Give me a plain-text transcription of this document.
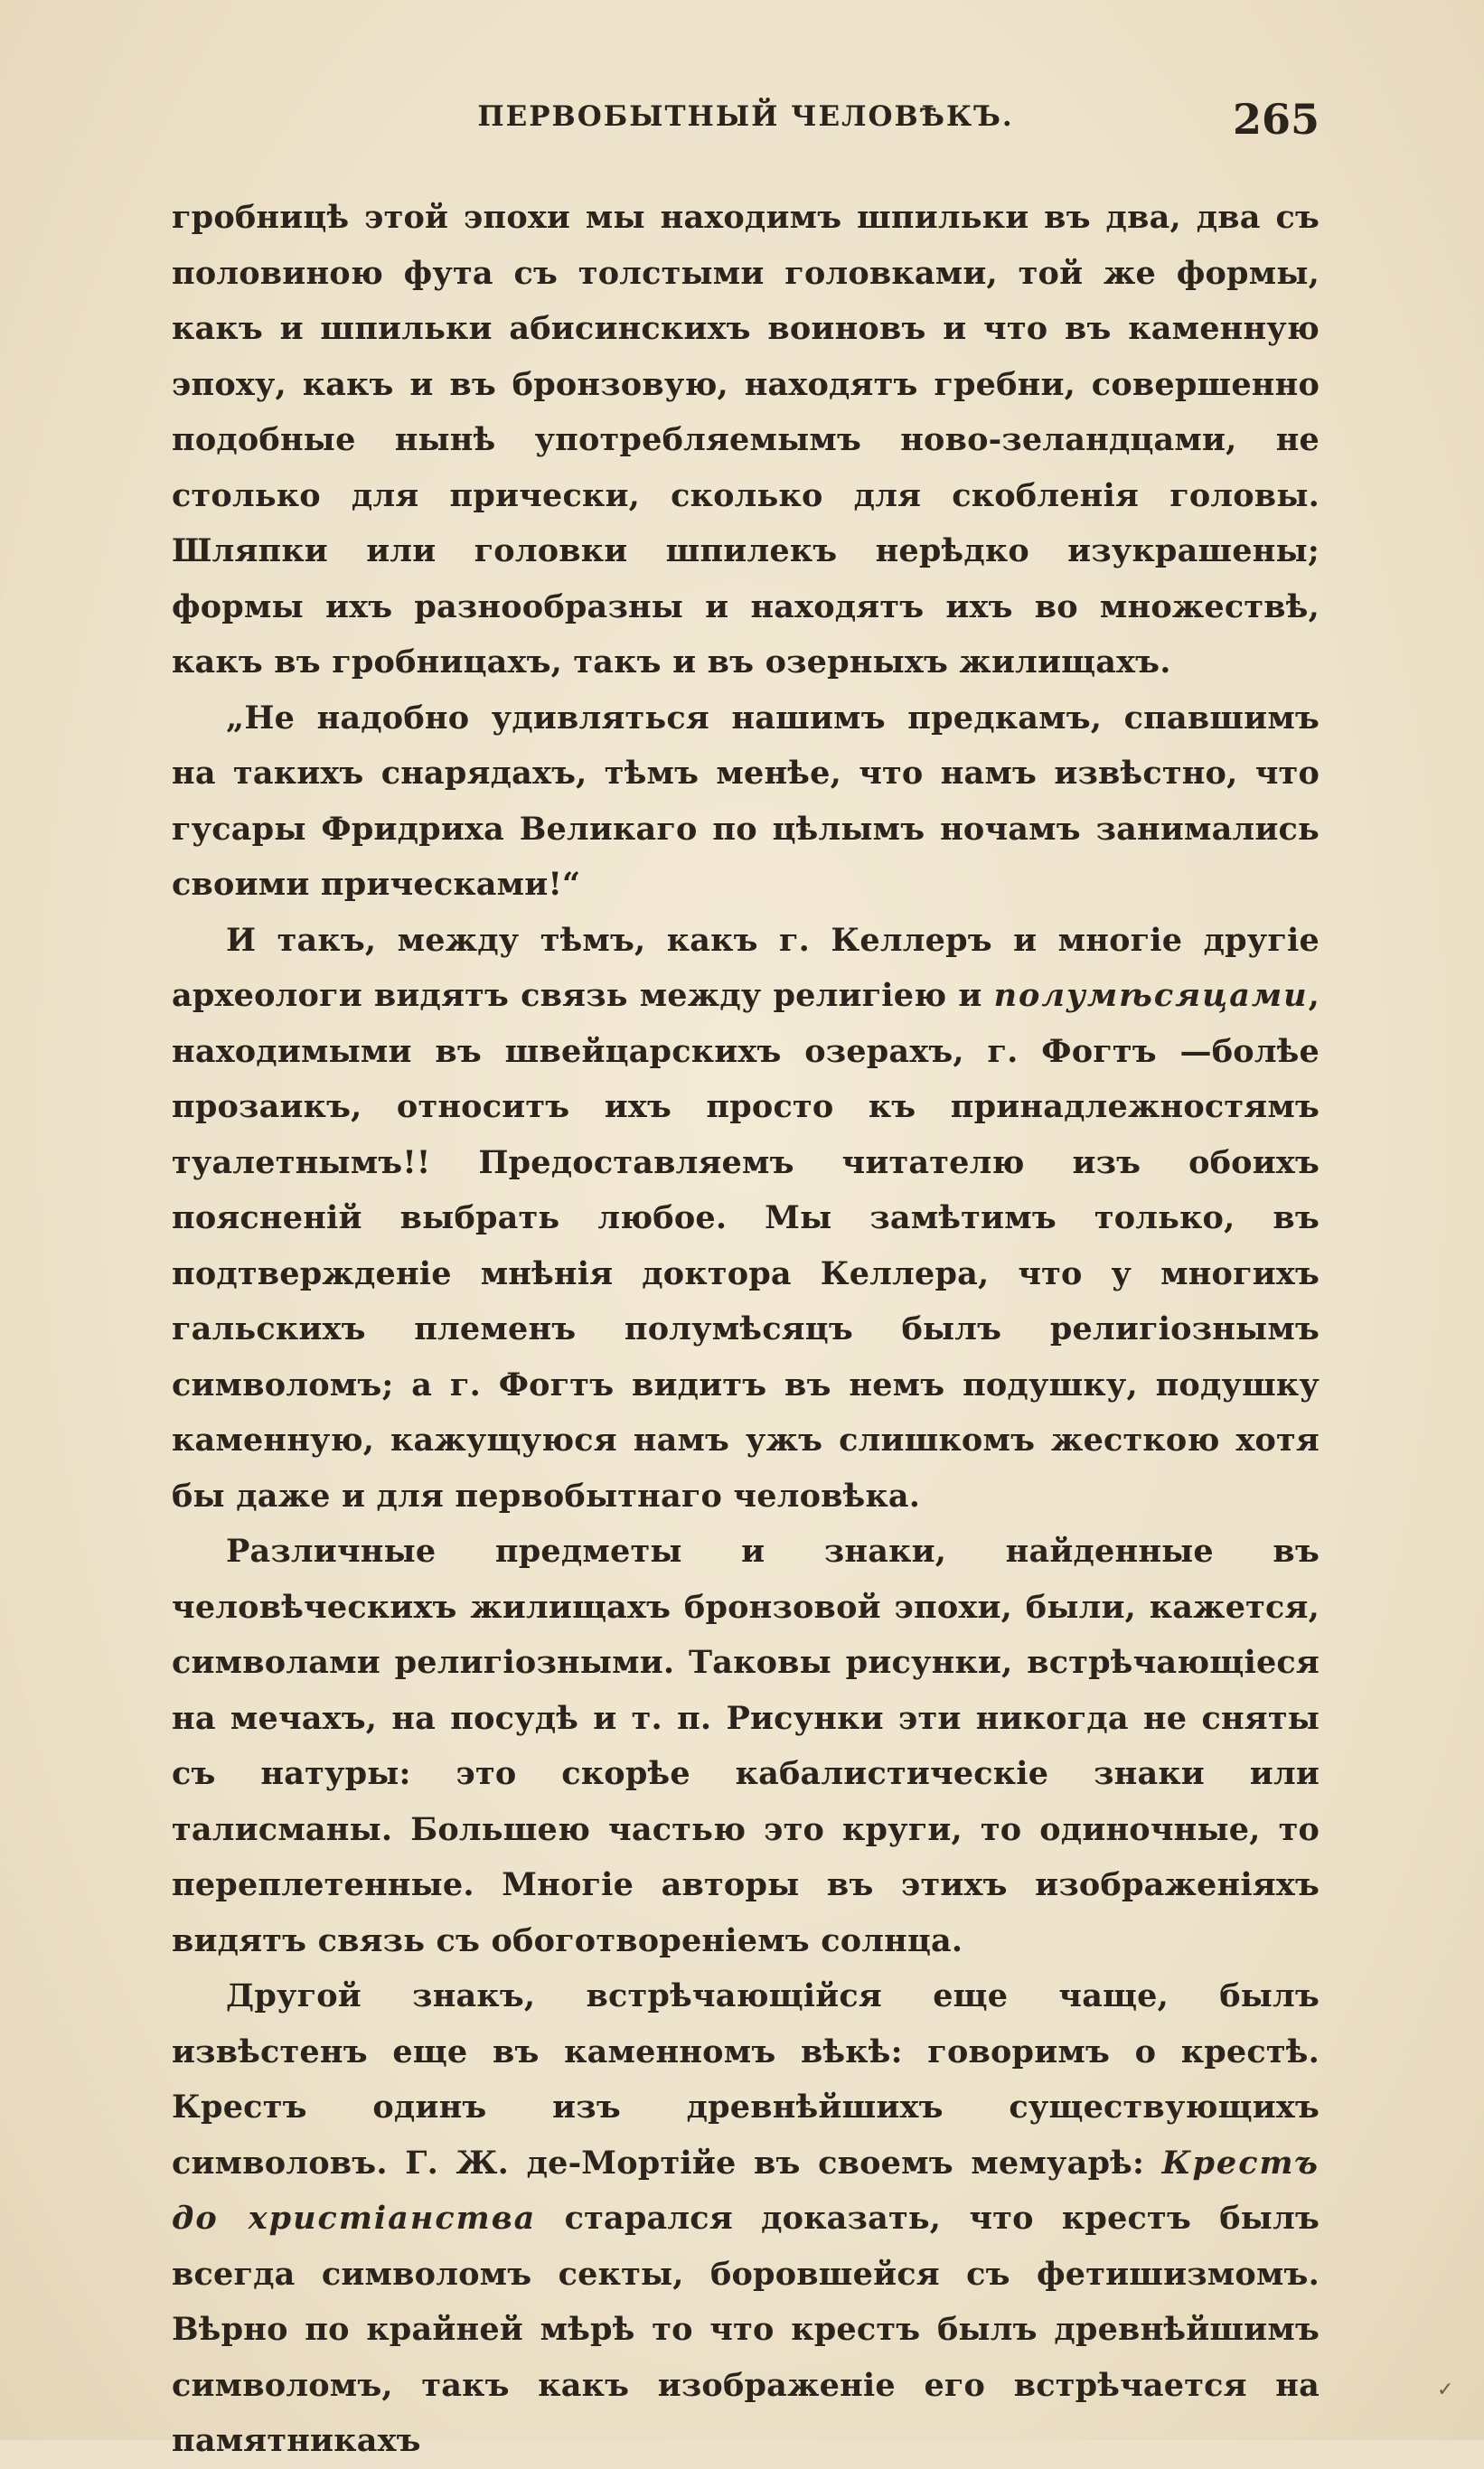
ПЕРВОБЫТНЫЙ ЧЕЛОВѢКЪ.	265

гробницѣ этой эпохи мы находимъ шпильки въ два, два съ половиною фута съ толстыми головками, той же формы, какъ и шпильки абисинскихъ воиновъ и что въ каменную эпоху, какъ и въ бронзовую, находятъ гребни, совершенно подобные нынѣ употребляемымъ ново-зеландцами, не столько для прически, сколько для скобленія головы. Шляпки или головки шпилекъ нерѣдко изукрашены; формы ихъ разнообразны и находятъ ихъ во множествѣ, какъ въ гробницахъ, такъ и въ озерныхъ жилищахъ.

„Не надобно удивляться нашимъ предкамъ, спавшимъ на такихъ снарядахъ, тѣмъ менѣе, что намъ извѣстно, что гусары Фридриха Великаго по цѣлымъ ночамъ занимались своими прическами!“

И такъ, между тѣмъ, какъ г. Келлеръ и многіе другіе археологи видятъ связь между религіею и полумѣсяцами, находимыми въ швейцарскихъ озерахъ, г. Фогтъ —болѣе прозаикъ, относитъ ихъ просто къ принадлежностямъ туалетнымъ!! Предоставляемъ читателю изъ обоихъ поясненій выбрать любое. Мы замѣтимъ только, въ подтвержденіе мнѣнія доктора Келлера, что у многихъ гальскихъ племенъ полумѣсяцъ былъ религіознымъ символомъ; а г. Фогтъ видитъ въ немъ подушку, подушку каменную, кажущуюся намъ ужъ слишкомъ жесткою хотя бы даже и для первобытнаго человѣка.

Различные предметы и знаки, найденные въ человѣческихъ жилищахъ бронзовой эпохи, были, кажется, символами религіозными. Таковы рисунки, встрѣчающіеся на мечахъ, на посудѣ и т. п. Рисунки эти никогда не сняты съ натуры: это скорѣе кабалистическіе знаки или талисманы. Большею частью это круги, то одиночные, то переплетенные. Многіе авторы въ этихъ изображеніяхъ видятъ связь съ обоготвореніемъ солнца.

Другой знакъ, встрѣчающійся еще чаще, былъ извѣстенъ еще въ каменномъ вѣкѣ: говоримъ о крестѣ. Крестъ одинъ изъ древнѣйшихъ существующихъ символовъ. Г. Ж. де-Мортійе въ своемъ мемуарѣ: Крестъ до христіанства старался доказать, что крестъ былъ всегда символомъ секты, боровшейся съ фетишизмомъ. Вѣрно по крайней мѣрѣ то что крестъ былъ древнѣйшимъ символомъ, такъ какъ изображеніе его встрѣчается на памятникахъ

✓
